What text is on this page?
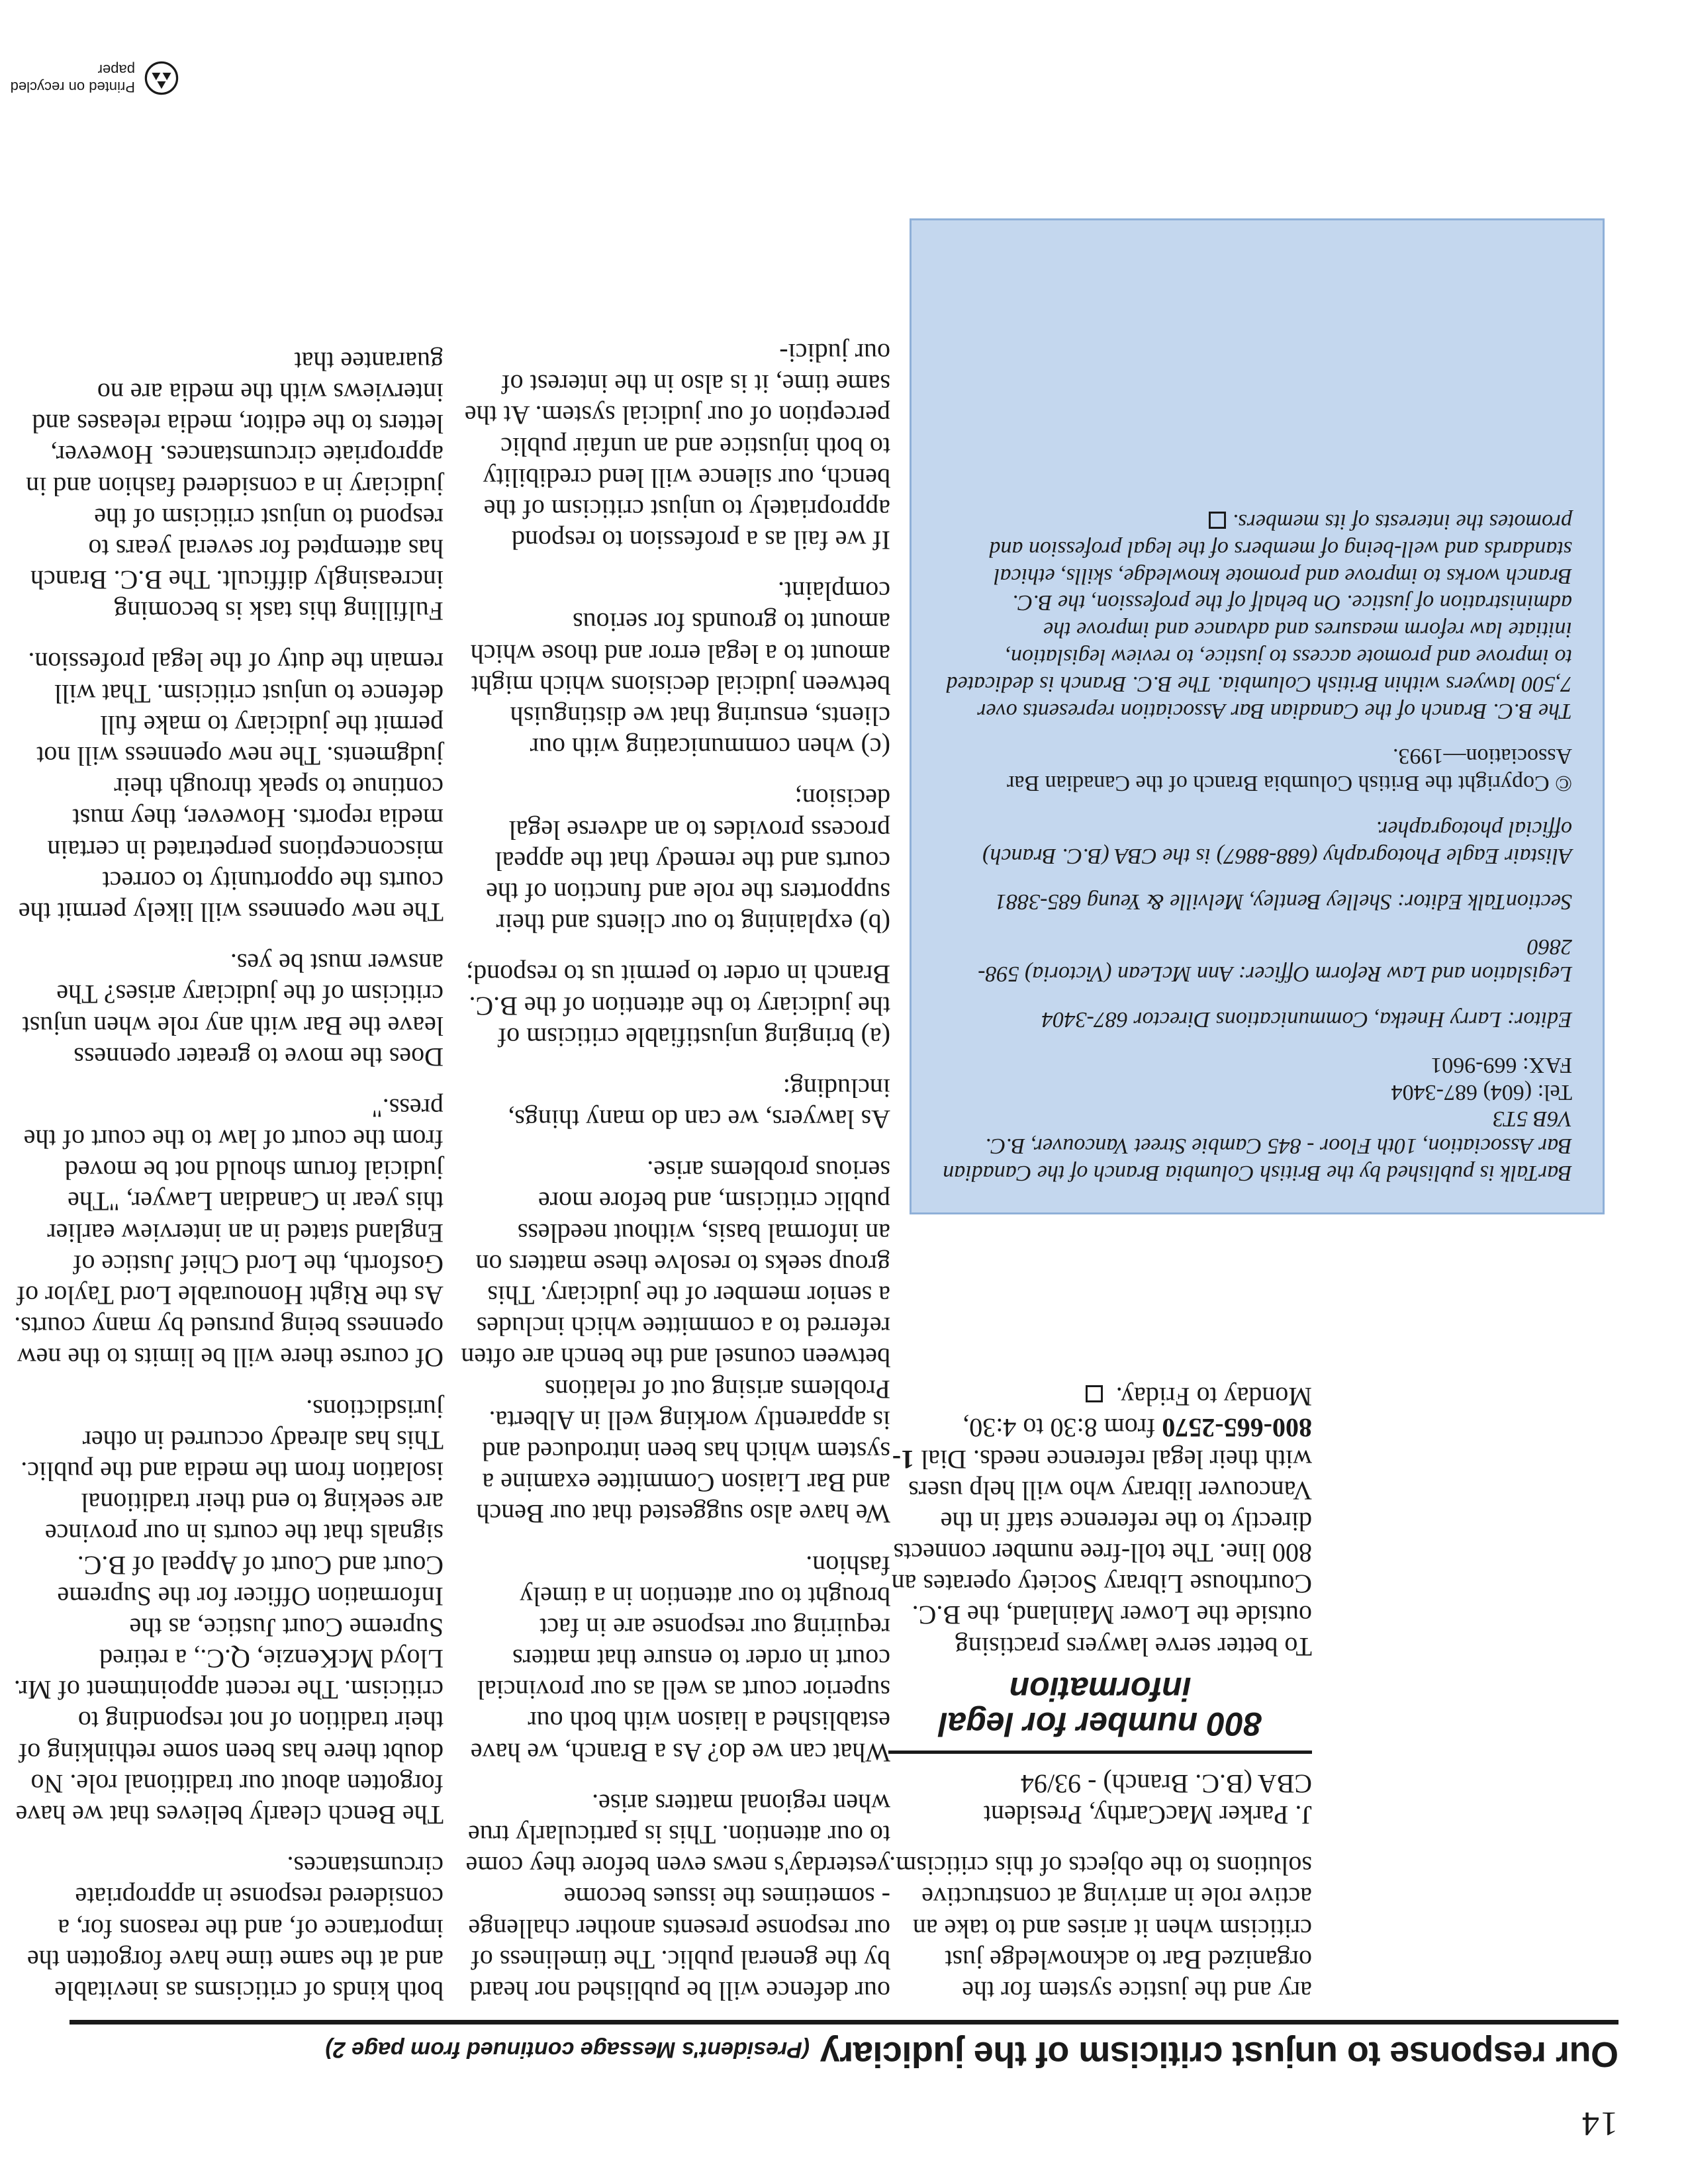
14
Our response to unjust criticism of the judiciary (President's Message continued from page 2)

both kinds of criticisms as inevitable and at the same time have forgotten the importance of, and the reasons for, a considered response in appropriate circumstances.

The Bench clearly believes that we have forgotten about our traditional role. No doubt there has been some rethinking of their tradition of not responding to criticism. The recent appointment of Mr. Lloyd McKenzie, Q.C., a retired Supreme Court Justice, as the Information Officer for the Supreme Court and Court of Appeal of B.C. signals that the courts in our province are seeking to end their traditional isolation from the media and the public. This has already occurred in other jurisdictions.

Of course there will be limits to the new openness being pursued by many courts. As the Right Honourable Lord Taylor of Gosforth, the Lord Chief Justice of England stated in an interview earlier this year in Canadian Lawyer, "The judicial forum should not be moved from the court of law to the court of the press."

Does the move to greater openness leave the Bar with any role when unjust criticism of the judiciary arises? The answer must be yes.

The new openness will likely permit the courts the opportunity to correct misconceptions perpetrated in certain media reports. However, they must continue to speak through their judgments. The new openness will not permit the judiciary to make full defence to unjust criticism. That will remain the duty of the legal profession.

Fulfilling this task is becoming increasingly difficult. The B.C. Branch has attempted for several years to respond to unjust criticism of the judiciary in a considered fashion and in appropriate circumstances. However, letters to the editor, media releases and interviews with the media are no guarantee that

our defence will be published nor heard by the general public. The timeliness of our response presents another challenge - sometimes the issues become yesterday's news even before they come to our attention. This is particularly true when regional matters arise.

What can we do? As a Branch, we have established a liaison with both our superior court as well as our provincial court in order to ensure that matters requiring our response are in fact brought to our attention in a timely fashion.

We have also suggested that our Bench and Bar Liaison Committee examine a system which has been introduced and is apparently working well in Alberta. Problems arising out of relations between counsel and the bench are often referred to a committee which includes a senior member of the judiciary. This group seeks to resolve these matters on an informal basis, without needless public criticism, and before more serious problems arise.

As lawyers, we can do many things, including:

(a) bringing unjustifiable criticism of the judiciary to the attention of the B.C. Branch in order to permit us to respond;

(b) explaining to our clients and their supporters the role and function of the courts and the remedy that the appeal process provides to an adverse legal decision;

(c) when communicating with our clients, ensuring that we distinguish between judicial decisions which might amount to a legal error and those which amount to grounds for serious complaint.

If we fail as a profession to respond appropriately to unjust criticism of the bench, our silence will lend credibility to both injustice and an unfair public perception of our judicial system. At the same time, it is also in the interest of our judici-

ary and the justice system for the organized Bar to acknowledge just criticism when it arises and to take an active role in arriving at constructive solutions to the objects of this criticism.

J. Parker MacCarthy, President
CBA (B.C. Branch) - 93/94
800 number for legal information
To better serve lawyers practising outside the Lower Mainland, the B.C. Courthouse Library Society operates an 800 line. The toll-free number connects directly to the reference staff in the Vancouver library who will help users with their legal reference needs. Dial 1-800-665-2570 from 8:30 to 4:30, Monday to Friday.

BarTalk is published by the British Columbia Branch of the Canadian Bar Association, 10th Floor - 845 Cambie Street Vancouver, B.C. V6B 5T3
Tel: (604) 687-3404
FAX: 669-9601

Editor: Larry Hnetka, Communications Director 687-3404

Legislation and Law Reform Officer: Ann McLean (Victoria) 598-2860

SectionTalk Editor: Shelley Bentley, Melville & Yeung 685-3881

Alistair Eagle Photography (688-8867) is the CBA (B.C. Branch) official photographer.

© Copyright the British Columbia Branch of the Canadian Bar Association—1993.

The B.C. Branch of the Canadian Bar Association represents over 7,500 lawyers within British Columbia. The B.C. Branch is dedicated to improve and promote access to justice, to review legislation, initiate law reform measures and advance and improve the administration of justice. On behalf of the profession, the B.C. Branch works to improve and promote knowledge, skills, ethical standards and well-being of members of the legal profession and promotes the interests of its members.

Printed on recycled paper
